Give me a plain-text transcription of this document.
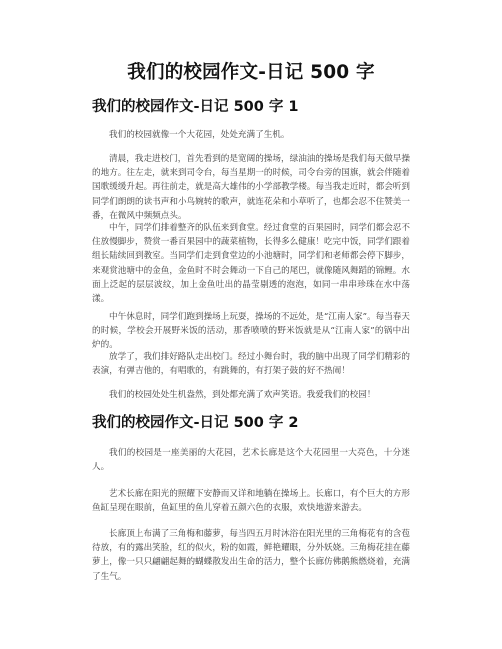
我们的校园作文-日记 500 字
我们的校园作文-日记 500 字 1

我们的校园就像一个大花园，处处充满了生机。

清晨，我走进校门，首先看到的是宽阔的操场，绿油油的操场是我们每天做早操的地方。往左走，就来到司令台，每当星期一的时候，司令台旁的国旗，就会伴随着国歌缓缓升起。再往前走，就是高大雄伟的小学部教学楼。每当我走近时，都会听到同学们朗朗的读书声和小鸟婉转的歌声，就连花朵和小草听了，也都会忍不住赞美一番，在微风中频频点头。

中午，同学们排着整齐的队伍来到食堂。经过食堂的百果园时，同学们都会忍不住放慢脚步，赞赏一番百果园中的蔬菜植物，长得多么健康！吃完中饭，同学们跟着组长陆续回到教室。当同学们走到食堂边的小池塘时，同学们和老师都会停下脚步，来观赏池塘中的金鱼，金鱼时不时会舞动一下自己的尾巴，就像随风舞蹈的锦鲤。水面上泛起的层层波纹，加上金鱼吐出的晶莹剔透的泡泡，如同一串串珍珠在水中荡漾。

中午休息时，同学们跑到操场上玩耍，操场的不远处，是“江南人家”。每当春天的时候，学校会开展野米饭的活动，那香喷喷的野米饭就是从“江南人家”的锅中出炉的。

放学了，我们排好路队走出校门。经过小舞台时，我的脑中出现了同学们精彩的表演，有弹吉他的，有唱歌的，有跳舞的，有打架子鼓的好不热闹！

我们的校园处处生机盎然，到处都充满了欢声笑语。我爱我们的校园！

我们的校园作文-日记 500 字 2

我们的校园是一座美丽的大花园，艺术长廊是这个大花园里一大亮色，十分迷人。

艺术长廊在阳光的照耀下安静而又详和地躺在操场上。长廊口，有个巨大的方形鱼缸呈现在眼前，鱼缸里的鱼儿穿着五颜六色的衣服，欢快地游来游去。

长廊顶上布满了三角梅和藤萝，每当四五月时沐浴在阳光里的三角梅花有的含苞待放，有的露出笑脸，红的似火，粉的如霞，鲜艳耀眼，分外妖娆。三角梅花挂在藤萝上，像一只只翩翩起舞的蝴蝶散发出生命的活力，整个长廊仿佛鹅熊燃烧着，充满了生气。
